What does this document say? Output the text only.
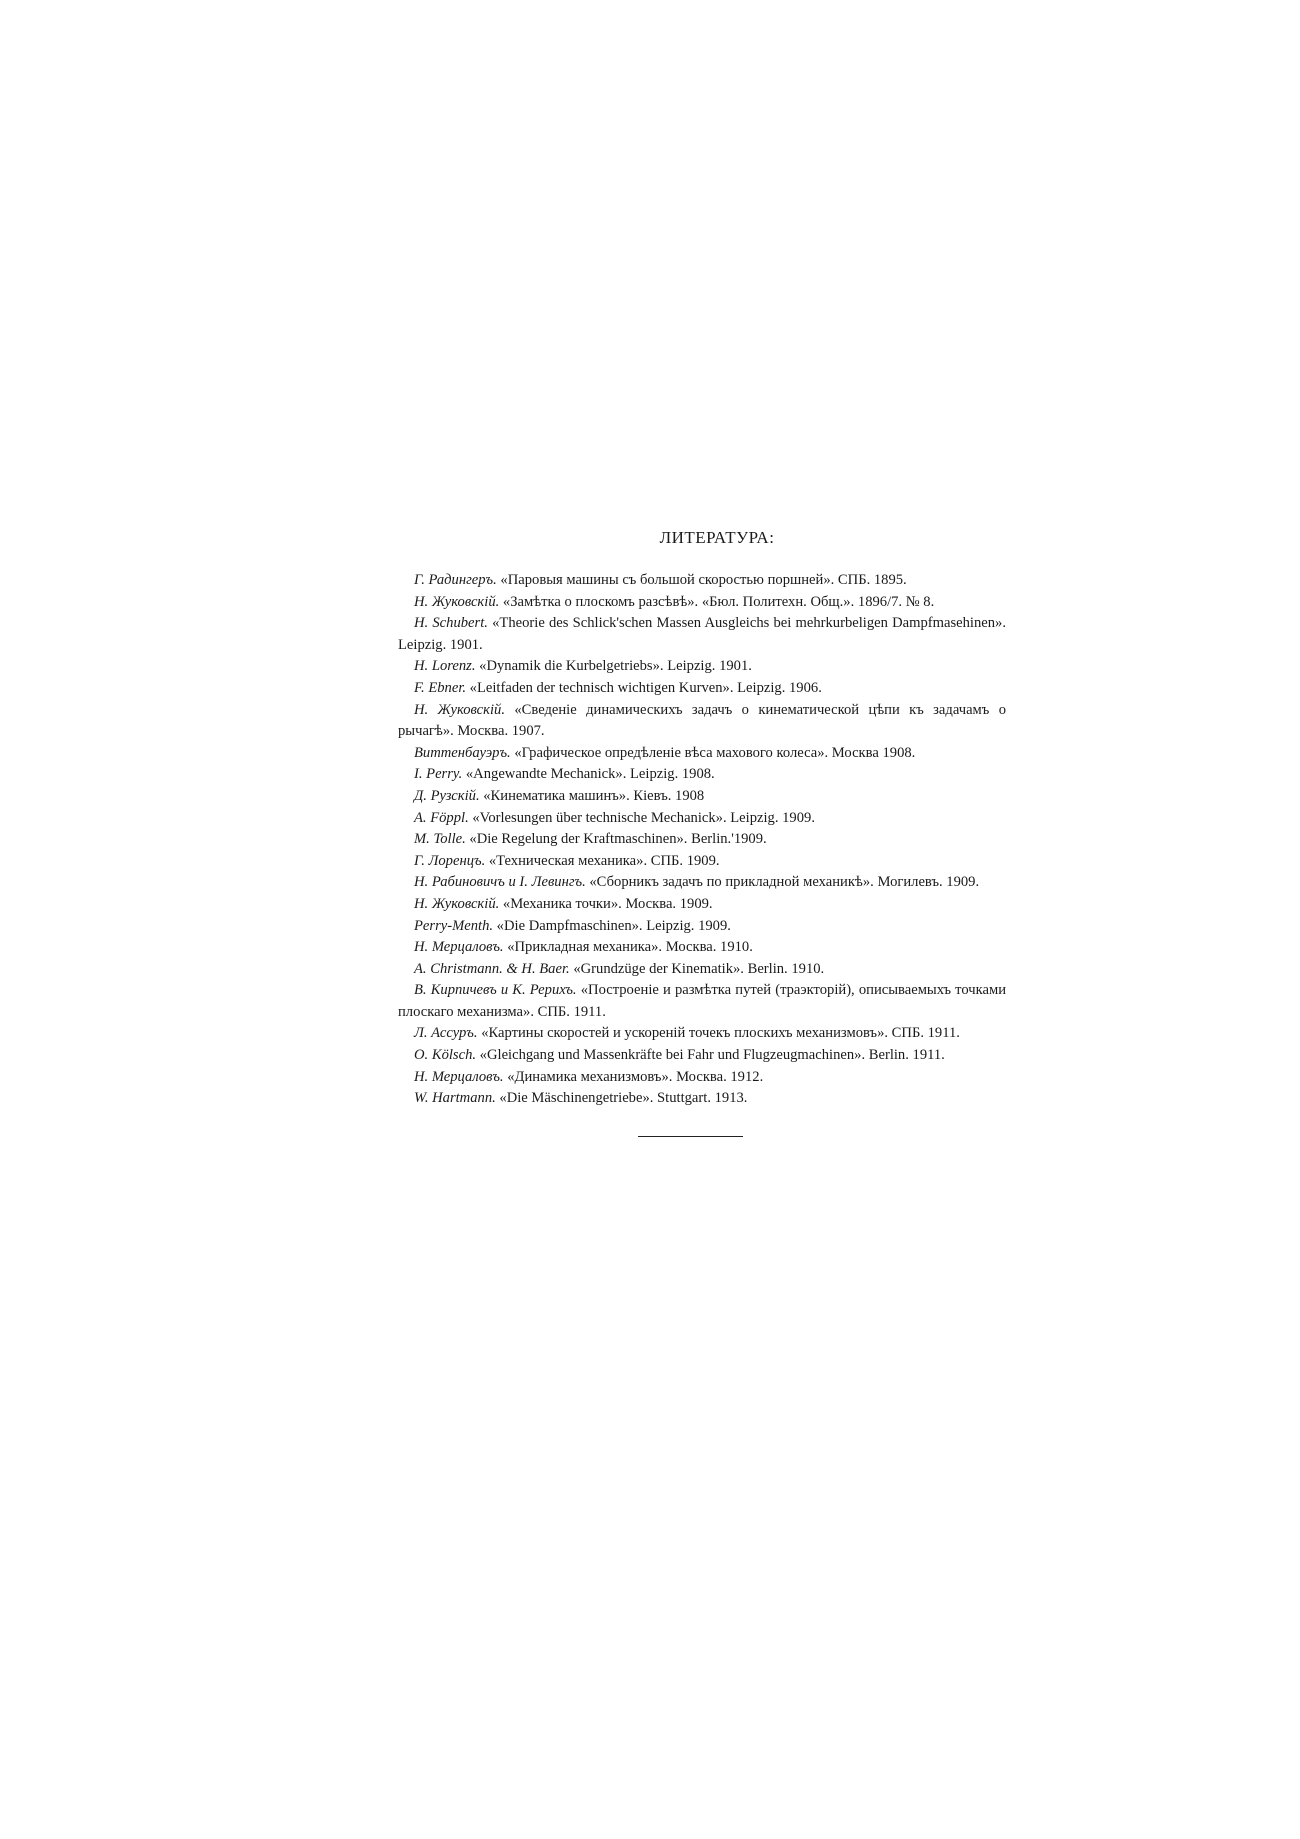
ЛИТЕРАТУРА:
Г. Радингеръ. «Паровыя машины съ большой скоростью поршней». СПБ. 1895.
Н. Жуковскій. «Замѣтка о плоскомъ разсѣвѣ». «Бюл. Политехн. Общ.». 1896/7. № 8.
H. Schubert. «Theorie des Schlick'schen Massen Ausgleichs bei mehrkurbeligen Dampfmasehinen». Leipzig. 1901.
H. Lorenz. «Dynamik die Kurbelgetriebs». Leipzig. 1901.
F. Ebner. «Leitfaden der technisch wichtigen Kurven». Leipzig. 1906.
Н. Жуковскій. «Сведеніе динамическихъ задачъ о кинематической цѣпи къ задачамъ о рычагѣ». Москва. 1907.
Виттенбауэръ. «Графическое опредѣленіе вѣса махового колеса». Москва 1908.
I. Perry. «Angewandte Mechanick». Leipzig. 1908.
Д. Рузскій. «Кинематика машинъ». Кіевъ. 1908
A. Föppl. «Vorlesungen über technische Mechanick». Leipzig. 1909.
M. Tolle. «Die Regelung der Kraftmaschinen». Berlin.'1909.
Г. Лоренцъ. «Техническая механика». СПБ. 1909.
Н. Рабиновичъ и І. Левингъ. «Сборникъ задачъ по прикладной механикѣ». Могилевъ. 1909.
Н. Жуковскій. «Механика точки». Москва. 1909.
Perry-Menth. «Die Dampfmaschinen». Leipzig. 1909.
Н. Мерцаловъ. «Прикладная механика». Москва. 1910.
A. Christmann. & H. Baer. «Grundzüge der Kinematik». Berlin. 1910.
В. Кирпичевъ и К. Рерихъ. «Построеніе и размѣтка путей (траэкторій), описываемыхъ точками плоскаго механизма». СПБ. 1911.
Л. Ассуръ. «Картины скоростей и ускореній точекъ плоскихъ механизмовъ». СПБ. 1911.
O. Kölsch. «Gleichgang und Massenkräfte bei Fahr und Flugzeugmachinen». Berlin. 1911.
Н. Мерцаловъ. «Динамика механизмовъ». Москва. 1912.
W. Hartmann. «Die Mäschinengetriebe». Stuttgart. 1913.
